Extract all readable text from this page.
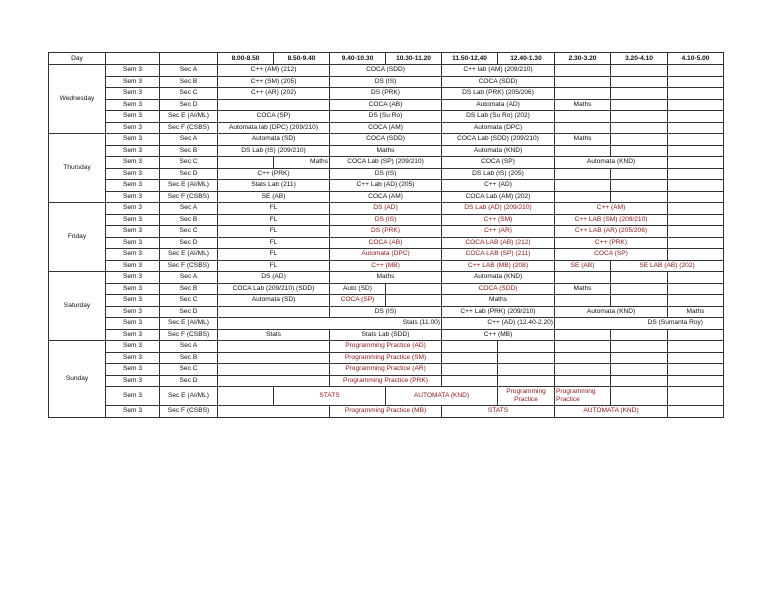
Day			8.00-8.50	8.50-9.40	9.40-10.30	10.30-11.20	11.50-12.40	12.40-1.30	2.30-3.20	3.20-4.10	4.10-5.00
Wednesday	Sem 3	Sec A	C++ (AM) (212)		COCA (SDD)		C++ lab (AM) (209/210)				
	Sem 3	Sec B	C++ (SM) (205)		DS (IS)		COCA (SDD)				
	Sem 3	Sec C	C++ (AR) (202)		DS (PRK)		DS Lab (PRK) (205/206)				
	Sem 3	Sec D			COCA (AB)		Automata (AD)		Maths		
	Sem 3	Sec E (AI/ML)	COCA (SP)		DS (Su Ro)		DS Lab (Su Ro) (202)				
	Sem 3	Sec F (CSBS)	Automata lab (DPC) (209/210)		COCA (AM)		Automata (DPC)				
Thursday	Sem 3	Sec A	Automata (SD)		COCA (SDD)		COCA Lab (SDD) (209/210)		Maths		
	Sem 3	Sec B	DS Lab (IS) (209/210)		Maths		Automata (KND)				
	Sem 3	Sec C		Maths	COCA Lab (SP) (209/210)		COCA (SP)		Automata (KND)		
	Sem 3	Sec D	C++ (PRK)		DS (IS)		DS Lab (IS) (205)				
	Sem 3	Sec E (AI/ML)	Stats Lab (211)		C++ Lab (AD) (205)		C++ (AD)				
	Sem 3	Sec F (CSBS)	SE (AB)		COCA (AM)		COCA Lab (AM) (202)				
Friday	Sem 3	Sec A	FL		DS (AD)		DS Lab (AD) (209/210)		C++ (AM)		
	Sem 3	Sec B	FL		DS (IS)		C++ (SM)		C++ LAB (SM) (209/210)		
	Sem 3	Sec C	FL		DS (PRK)		C++ (AR)		C++ LAB (AR) (205/206)		
	Sem 3	Sec D	FL		COCA (AB)		COCA LAB (AB) (212)		C++ (PRK)		
	Sem 3	Sec E (AI/ML)	FL		Automata (DPC)		COCA LAB (SP) (211)		COCA (SP)		
	Sem 3	Sec F (CSBS)	FL		C++ (MB)		C++ LAB (MB) (208)		SE (AB)	SE LAB (AB) (202)	
Saturday	Sem 3	Sec A	DS (AD)		Maths		Automata (KND)				
	Sem 3	Sec B	COCA Lab (209/210) (SDD)		Auto (SD)		COCA (SDD)		Maths		
	Sem 3	Sec C	Automata (SD)		COCA (SP)		Maths				
	Sem 3	Sec D			DS (IS)		C++ Lab (PRK) (209/210)		Automata (KND)		Maths
	Sem 3	Sec E (AI/ML)	Stats (11.00)				C++ (AD) (12.40-2.20)		DS (Sumanta Roy)		
	Sem 3	Sec F (CSBS)	Stats		Stats Lab (SDD)		C++ (MB)				
Sunday	Sem 3	Sec A			Programming Practice (AD)						
	Sem 3	Sec B			Programming Practice (SM)						
	Sem 3	Sec C			Programming Practice (AR)						
	Sem 3	Sec D			Programming Practice (PRK)						
	Sem 3	Sec E (AI/ML)		STATS		AUTOMATA (KND)		Programming Practice	Programming Practice		
	Sem 3	Sec F (CSBS)			Programming Practice (MB)		STATS		AUTOMATA (KND)		
